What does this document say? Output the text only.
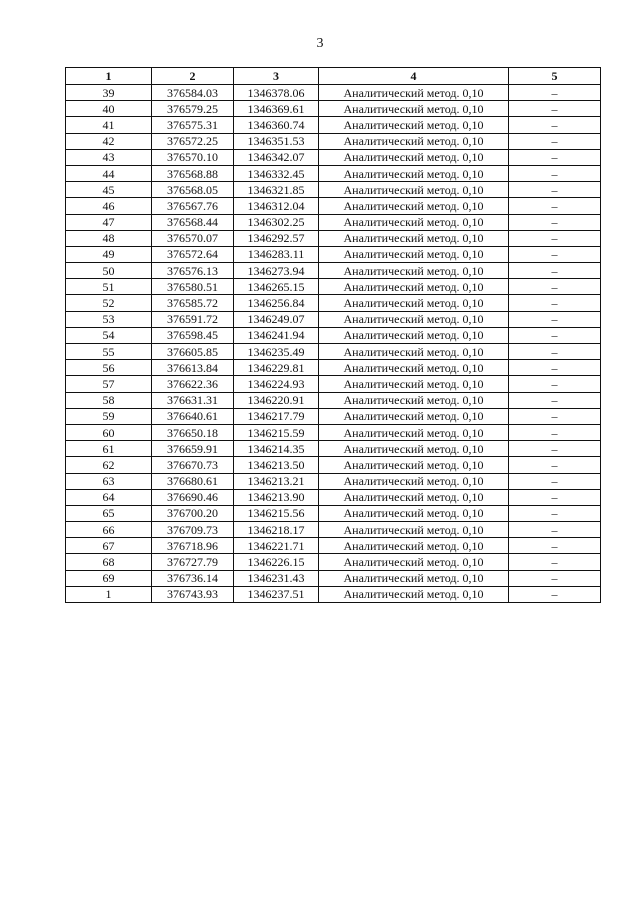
3
1	2	3	4	5
39	376584.03	1346378.06	Аналитический метод. 0,10	–
40	376579.25	1346369.61	Аналитический метод. 0,10	–
41	376575.31	1346360.74	Аналитический метод. 0,10	–
42	376572.25	1346351.53	Аналитический метод. 0,10	–
43	376570.10	1346342.07	Аналитический метод. 0,10	–
44	376568.88	1346332.45	Аналитический метод. 0,10	–
45	376568.05	1346321.85	Аналитический метод. 0,10	–
46	376567.76	1346312.04	Аналитический метод. 0,10	–
47	376568.44	1346302.25	Аналитический метод. 0,10	–
48	376570.07	1346292.57	Аналитический метод. 0,10	–
49	376572.64	1346283.11	Аналитический метод. 0,10	–
50	376576.13	1346273.94	Аналитический метод. 0,10	–
51	376580.51	1346265.15	Аналитический метод. 0,10	–
52	376585.72	1346256.84	Аналитический метод. 0,10	–
53	376591.72	1346249.07	Аналитический метод. 0,10	–
54	376598.45	1346241.94	Аналитический метод. 0,10	–
55	376605.85	1346235.49	Аналитический метод. 0,10	–
56	376613.84	1346229.81	Аналитический метод. 0,10	–
57	376622.36	1346224.93	Аналитический метод. 0,10	–
58	376631.31	1346220.91	Аналитический метод. 0,10	–
59	376640.61	1346217.79	Аналитический метод. 0,10	–
60	376650.18	1346215.59	Аналитический метод. 0,10	–
61	376659.91	1346214.35	Аналитический метод. 0,10	–
62	376670.73	1346213.50	Аналитический метод. 0,10	–
63	376680.61	1346213.21	Аналитический метод. 0,10	–
64	376690.46	1346213.90	Аналитический метод. 0,10	–
65	376700.20	1346215.56	Аналитический метод. 0,10	–
66	376709.73	1346218.17	Аналитический метод. 0,10	–
67	376718.96	1346221.71	Аналитический метод. 0,10	–
68	376727.79	1346226.15	Аналитический метод. 0,10	–
69	376736.14	1346231.43	Аналитический метод. 0,10	–
1	376743.93	1346237.51	Аналитический метод. 0,10	–
